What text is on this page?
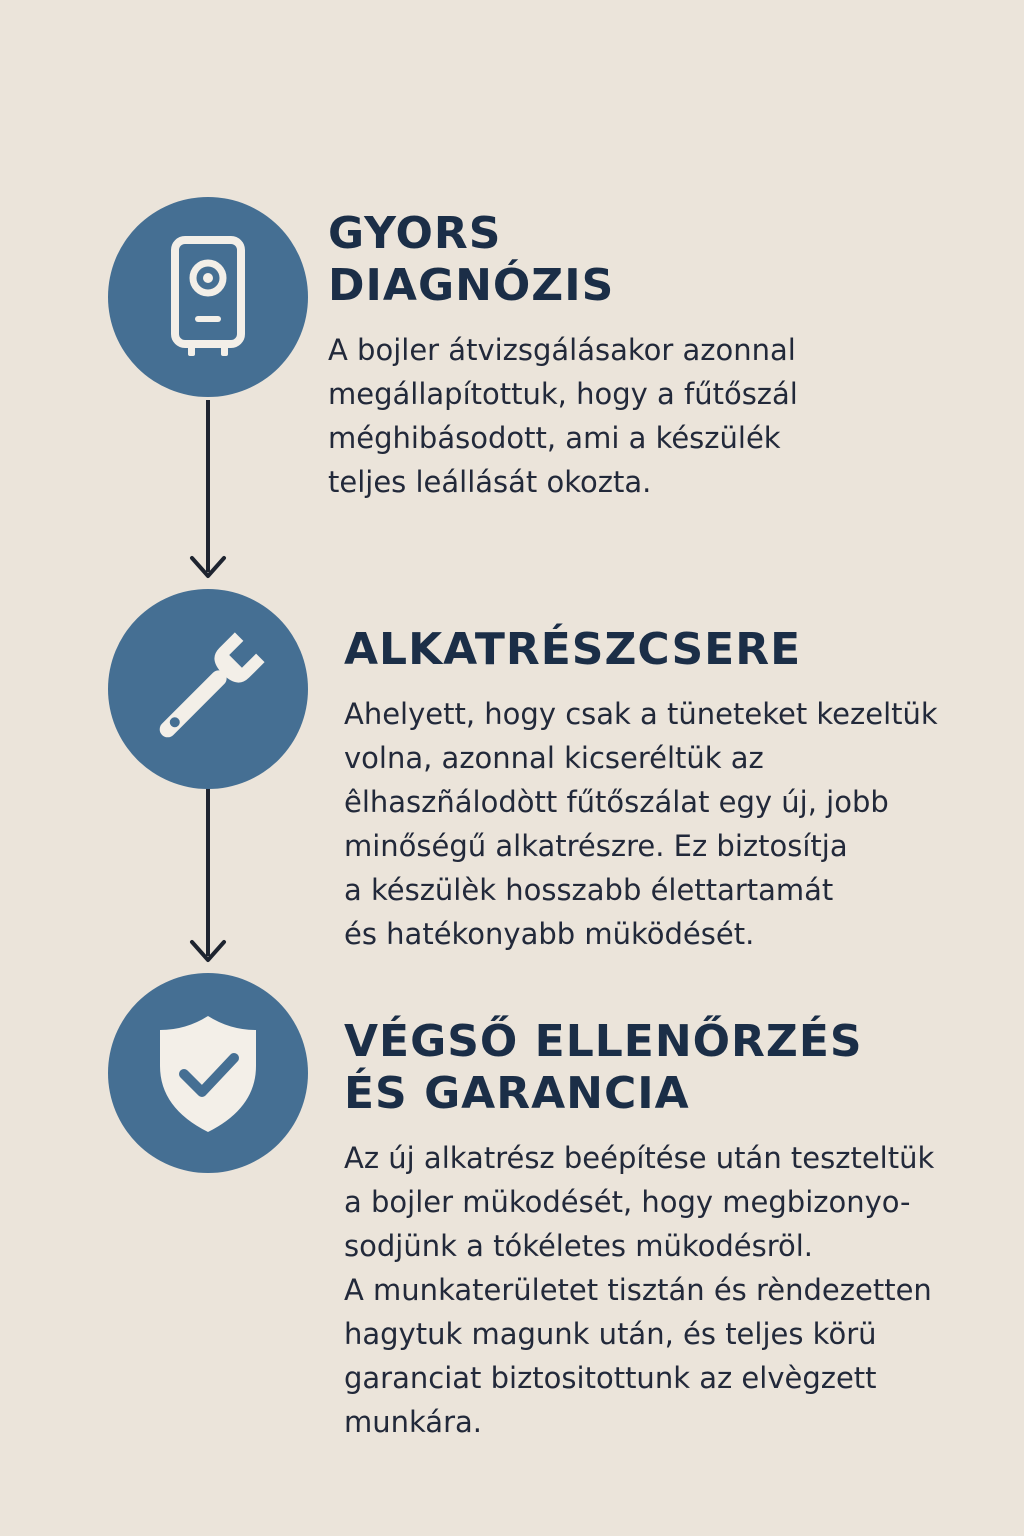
GYORS
DIAGNÓZIS

A bojler átvizsgálásakor azonnal
megállapítottuk, hogy a fűtőszál
méghibásodott, ami a készülék
teljes leállását okozta.

ALKATRÉSZCSERE

Ahelyett, hogy csak a tüneteket kezeltük
volna, azonnal kicseréltük az
êlhaszñálodòtt fűtőszálat egy új, jobb
minőségű alkatrészre. Ez biztosítja
a készülèk hosszabb élettartamát
és hatékonyabb müködését.

VÉGSŐ ELLENŐRZÉS
ÉS GARANCIA

Az új alkatrész beépítése után teszteltük
a bojler mükodését, hogy megbizonyo-
sodjünk a tókéletes mükodésröl.
A munkaterületet tisztán és rèndezetten
hagytuk magunk után, és teljes körü
garanciat biztositottunk az elvègzett
munkára.
